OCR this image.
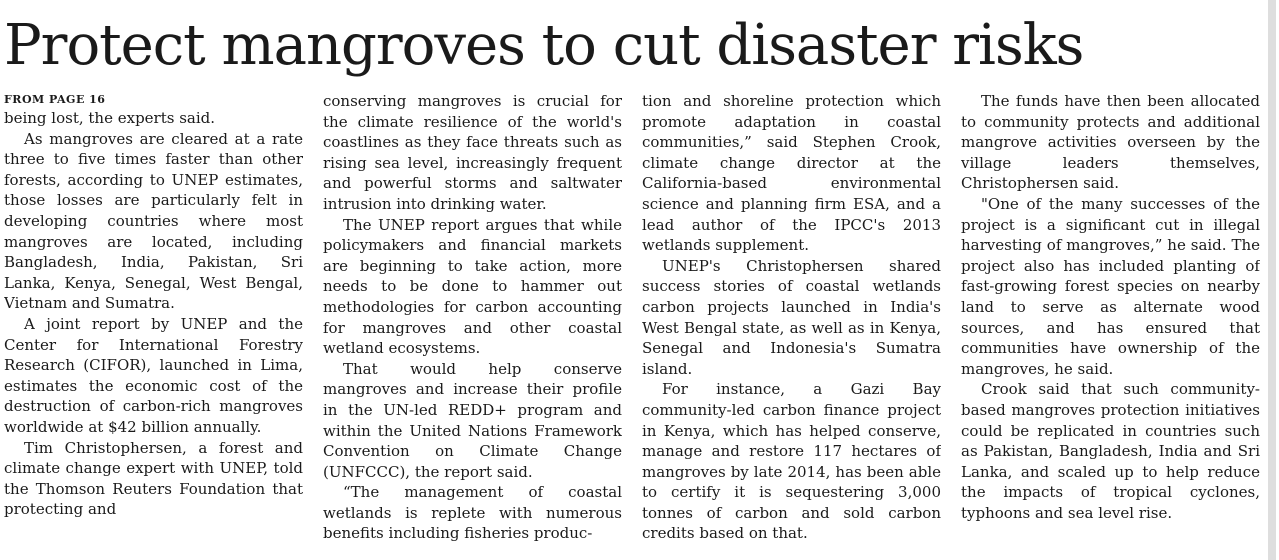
Protect mangroves to cut disaster risks
FROM PAGE 16

being lost, the experts said.

As mangroves are cleared at a rate three to five times faster than other forests, according to UNEP estimates, those losses are particularly felt in developing countries where most mangroves are located, including Bangladesh, India, Pakistan, Sri Lanka, Kenya, Senegal, West Bengal, Vietnam and Sumatra.

A joint report by UNEP and the Center for International Forestry Research (CIFOR), launched in Lima, estimates the economic cost of the destruction of carbon-rich mangroves worldwide at $42 billion annually.

Tim Christophersen, a forest and climate change expert with UNEP, told the Thomson Reuters Foundation that protecting and

conserving mangroves is crucial for the climate resilience of the world's coastlines as they face threats such as rising sea level, increasingly frequent and powerful storms and saltwater intrusion into drinking water.

The UNEP report argues that while policymakers and financial markets are beginning to take action, more needs to be done to hammer out methodologies for carbon accounting for mangroves and other coastal wetland ecosystems.

That would help conserve mangroves and increase their profile in the UN-led REDD+ program and within the United Nations Framework Convention on Climate Change (UNFCCC), the report said.

“The management of coastal wetlands is replete with numerous benefits including fisheries produc-

tion and shoreline protection which promote adaptation in coastal communities,” said Stephen Crook, climate change director at the California-based environmental science and planning firm ESA, and a lead author of the IPCC's 2013 wetlands supplement.

UNEP's Christophersen shared success stories of coastal wetlands carbon projects launched in India's West Bengal state, as well as in Kenya, Senegal and Indonesia's Sumatra island.

For instance, a Gazi Bay community-led carbon finance project in Kenya, which has helped conserve, manage and restore 117 hectares of mangroves by late 2014, has been able to certify it is sequestering 3,000 tonnes of carbon and sold carbon credits based on that.

The funds have then been allocated to community protects and additional mangrove activities overseen by the village leaders themselves, Christophersen said.

"One of the many successes of the project is a significant cut in illegal harvesting of mangroves,” he said. The project also has included planting of fast-growing forest species on nearby land to serve as alternate wood sources, and has ensured that communities have ownership of the mangroves, he said.

Crook said that such community-based mangroves protection initiatives could be replicated in countries such as Pakistan, Bangladesh, India and Sri Lanka, and scaled up to help reduce the impacts of tropical cyclones, typhoons and sea level rise.
